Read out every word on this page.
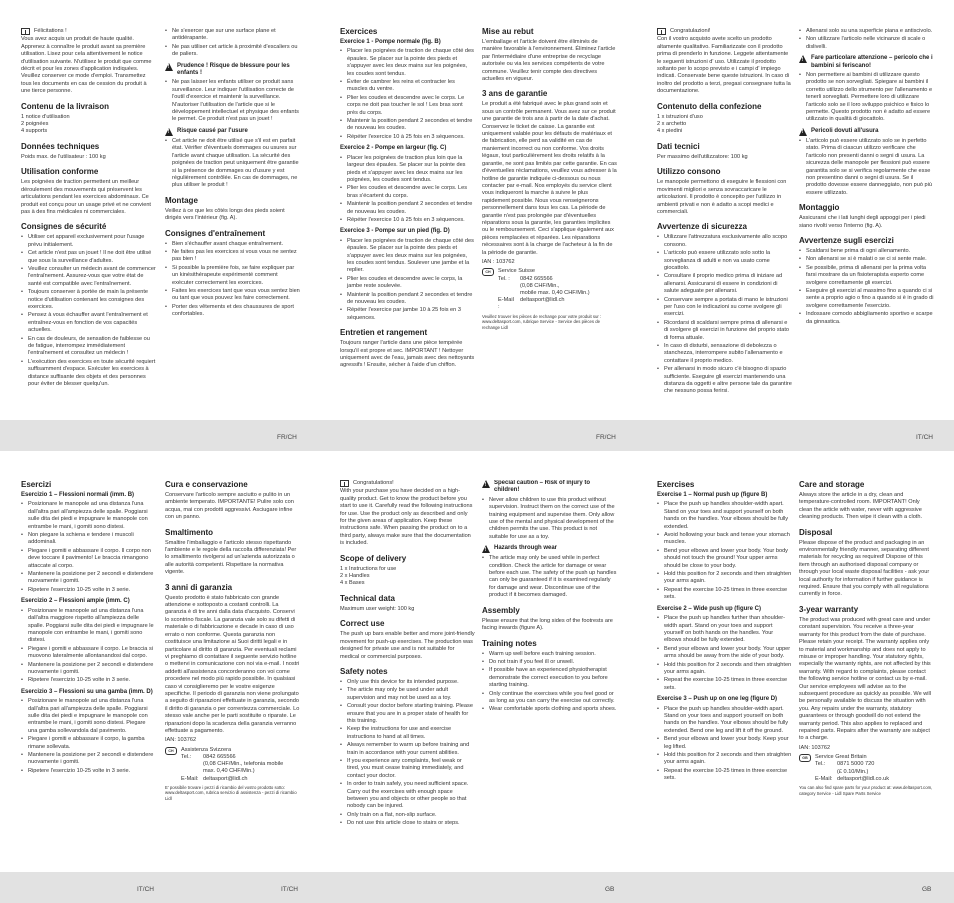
Félicitations !

Vous avez acquis un produit de haute qualité. Apprenez à connaître le produit avant sa première utilisation. Lisez pour cela attentivement le notice d'utilisation suivante. N'utilisez le produit que comme décrit et pour les zones d'application indiquées. Veuillez conserver ce mode d'emploi. Transmettez tous les documents en cas de cession du produit à une tierce personne.

Contenu de la livraison

1 notice d'utilisation

2 poignées

4 supports

Données techniques

Poids max. de l'utilisateur : 100 kg

Utilisation conforme

Les poignées de traction permettent un meilleur déroulement des mouvements qui préservent les articulations pendant les exercices abdominaux. Ce produit est conçu pour un usage privé et ne convient pas à des fins médicales ni commerciales.

Consignes de sécurité
• Utiliser cet appareil exclusivement pour l'usage prévu initialement.
• Cet article n'est pas un jouet ! Il ne doit être utilisé que sous la surveillance d'adultes.
• Veuillez consulter un médecin avant de commencer l'entraînement. Assurez-vous que votre état de santé est compatible avec l'entraînement.
• Toujours conserver à portée de main la présente notice d'utilisation contenant les consignes des exercices.
• Pensez à vous échauffer avant l'entraînement et entraînez-vous en fonction de vos capacités actuelles.
• En cas de douleurs, de sensation de faiblesse ou de fatigue, interrompez immédiatement l'entraînement et consultez un médecin !
• L'exécution des exercices en toute sécurité requiert suffisamment d'espace. Exécuter les exercices à distance suffisante des objets et des personnes pour éviter de blesser quelqu'un.
• Ne s'exercer que sur une surface plane et antidérapante.
• Ne pas utiliser cet article à proximité d'escaliers ou de paliers.
!
Prudence ! Risque de blessure pour les enfants !
• Ne pas laisser les enfants utiliser ce produit sans surveillance. Leur indiquer l'utilisation correcte de l'outil d'exercice et maintenir la surveillance. N'autoriser l'utilisation de l'article que si le développement intellectuel et physique des enfants le permet. Ce produit n'est pas un jouet !
!
Risque causé par l'usure
• Cet article ne doit être utilisé que s'il est en parfait état. Vérifier d'éventuels dommages ou usures sur l'article avant chaque utilisation. La sécurité des poignées de traction peut uniquement être garantie si la présence de dommages ou d'usure y est régulièrement contrôlée. En cas de dommages, ne plus utiliser le produit !
Montage

Veillez à ce que les côtés longs des pieds soient dirigés vers l'intérieur (fig. A).

Consignes d'entraînement
• Bien s'échauffer avant chaque entraînement.
• Ne faites pas les exercices si vous vous ne sentez pas bien !
• Si possible la première fois, se faire expliquer par un kinésithérapeute expérimenté comment exécuter correctement les exercices.
• Faites les exercices tant que vous vous sentez bien ou tant que vous pouvez les faire correctement.
• Porter des vêtements et des chaussures de sport confortables.
Exercices
Exercice 1 - Pompe normale (fig. B)
• Placer les poignées de traction de chaque côté des épaules. Se placer sur la pointe des pieds et s'appuyer avec les deux mains sur les poignées, les coudes sont tendus.
• Éviter de cambrer les reins et contracter les muscles du ventre.
• Plier les coudes et descendre avec le corps. Le corps ne doit pas toucher le sol ! Les bras sont près du corps.
• Maintenir la position pendant 2 secondes et tendre de nouveau les coudes.
• Répéter l'exercice 10 à 25 fois en 3 séquences.
Exercice 2 - Pompe en largeur (fig. C)
• Placer les poignées de traction plus loin que la largeur des épaules. Se placer sur la pointe des pieds et s'appuyer avec les deux mains sur les poignées, les coudes sont tendus.
• Plier les coudes et descendre avec le corps. Les bras s'écartent du corps.
• Maintenir la position pendant 2 secondes et tendre de nouveau les coudes.
• Répéter l'exercice 10 à 25 fois en 3 séquences.
Exercice 3 - Pompe sur un pied (fig. D)
• Placer les poignées de traction de chaque côté des épaules. Se placer sur la pointe des pieds et s'appuyer avec les deux mains sur les poignées, les coudes sont tendus. Soulever une jambe et la replier.
• Plier les coudes et descendre avec le corps, la jambe reste soulevée.
• Maintenir la position pendant 2 secondes et tendre de nouveau les coudes.
• Répéter l'exercice par jambe 10 à 25 fois en 3 séquences.
Entretien et rangement

Toujours ranger l'article dans une pièce tempérée lorsqu'il est propre et sec. IMPORTANT ! Nettoyer uniquement avec de l'eau, jamais avec des nettoyants agressifs ! Ensuite, sécher à l'aide d'un chiffon.

Mise au rebut

L'emballage et l'article doivent être éliminés de manière favorable à l'environnement. Éliminez l'article par l'intermédiaire d'une entreprise de recyclage autorisée ou via les services compétents de votre commune. Veuillez tenir compte des directives actuelles en vigueur.

3 ans de garantie

Le produit a été fabriqué avec le plus grand soin et sous un contrôle permanent. Vous avez sur ce produit une garantie de trois ans à partir de la date d'achat. Conservez le ticket de caisse. La garantie est uniquement valable pour les défauts de matériaux et de fabrication, elle perd sa validité en cas de maniement incorrect ou non conforme. Vos droits légaux, tout particulièrement les droits relatifs à la garantie, ne sont pas limités par cette garantie. En cas d'éventuelles réclamations, veuillez vous adresser à la hotline de garantie indiquée ci-dessous ou nous contacter par e-mail. Nos employés du service client vous indiqueront la marche à suivre le plus rapidement possible. Nous vous renseignerons personnellement dans tous les cas. La période de garantie n'est pas prolongée par d'éventuelles réparations sous la garantie, les garanties implicites ou le remboursement. Ceci s'applique également aux pièces remplacées et réparées. Les réparations nécessaires sont à la charge de l'acheteur à la fin de la période de garantie.

IAN : 103762

CH	Service Suisse
Tel. :	0842 665566
(0,08 CHF/Min.,
mobile max. 0,40 CHF/Min.)
E-Mail :
deltasport@lidl.ch

Veuillez trouver les pièces de rechange pour votre produit sur : www.deltasport.com, rubrique Service - Service des pièces de rechange Lidl

Congratulazioni!

Con il vostro acquisto avete scelto un prodotto altamente qualitativo. Familiarizzate con il prodotto prima di prenderlo in funzione. Leggete attentamente le seguenti istruzioni d' uso. Utilizzate il prodotto soltanto per lo scopo previsto e i campi d' impiego indicati. Conservate bene queste istruzioni. In caso di inoltro del prodotto a terzi, pregasi consegnare tutta la documentazione.

Contenuto della confezione

1 x istruzioni d'uso

2 x archetto

4 x piedini

Dati tecnici

Per massimo dell'utilizzatore: 100 kg

Utilizzo consono

Le manopole permettono di eseguire le flessioni con movimenti migliori e senza sovraccaricare le articolazioni. Il prodotto è concepito per l'utilizzo in ambienti privati e non è adatto a scopi medici e commerciali.

Avvertenze di sicurezza
• Utilizzare l'attrezzatura esclusivamente allo scopo consono.
• L'articolo può essere utilizzato solo sotto la sorveglianza di adulti e non va usato come giocattolo.
• Consultare il proprio medico prima di iniziare ad allenarsi. Assicurarsi di essere in condizioni di salute adeguate per allenarsi.
• Conservare sempre a portata di mano le istruzioni per l'uso con le indicazioni su come svolgere gli esercizi.
• Ricordarsi di scaldarsi sempre prima di allenarsi e di svolgere gli esercizi in funzione del proprio stato di forma attuale.
• In caso di disturbi, sensazione di debolezza o stanchezza, interrompere subito l'allenamento e contattare il proprio medico.
• Per allenarsi in modo sicuro c'è bisogno di spazio sufficiente. Eseguire gli esercizi mantenendo una distanza da oggetti e altre persone tale da garantire che nessuno possa ferirsi.
• Allenarsi solo su una superficie piana e antiscivolo.
• Non utilizzare l'articolo nelle vicinanze di scale o dislivelli.
!
Fare particolare attenzione – pericolo che i bambini si feriscano!
• Non permettere ai bambini di utilizzare questo prodotto se non sorvegliati. Spiegare ai bambini il corretto utilizzo dello strumento per l'allenamento e tenerli sorvegliati. Permettere loro di utilizzare l'articolo solo se il loro sviluppo psichico e fisico lo permette. Questo prodotto non è adatto ad essere utilizzato in qualità di giocattolo.
!
Pericoli dovuti all'usura
• L'articolo può essere utilizzato solo se in perfetto stato. Prima di ciascun utilizzo verificare che l'articolo non presenti danni o segni di usura. La sicurezza delle manopole per flessioni può essere garantita solo se si verifica regolarmente che esse non presentino danni o segni di usura. Se il prodotto dovesse essere danneggiato, non può più essere utilizzato.
Montaggio

Assicurarsi che i lati lunghi degli appoggi per i piedi siano rivolti verso l'interno (fig. A).

Avvertenze sugli esercizi
• Scaldarsi bene prima di ogni allenamento.
• Non allenarsi se si è malati o se ci si sente male.
• Se possibile, prima di allenarsi per la prima volta farsi mostrare da un fisioterapista esperto come svolgere correttamente gli esercizi.
• Eseguire gli esercizi al massimo fino a quando ci si sente a proprio agio o fino a quando si è in grado di svolgere correttamente l'esercizio.
• Indossare comodo abbigliamento sportivo e scarpe da ginnastica.
FR/CH	FR/CH	IT/CH
Esercizi
Esercizio 1 – Flessioni normali (imm. B)
• Posizionare le manopole ad una distanza l'una dall'altra pari all'ampiezza delle spalle. Poggiarsi sulle dita dei piedi e impugnare le manopole con entrambe le mani, i gomiti sono distesi.
• Non piegare la schiena e tendere i muscoli addominali.
• Piegare i gomiti e abbassare il corpo. Il corpo non deve toccare il pavimento! Le braccia rimangono attaccate al corpo.
• Mantenere la posizione per 2 secondi e distendere nuovamente i gomiti.
• Ripetere l'esercizio 10-25 volte in 3 serie.
Esercizio 2 – Flessioni ampie (imm. C)
• Posizionare le manopole ad una distanza l'una dall'altra maggiore rispetto all'ampiezza delle spalle. Poggiarsi sulle dita dei piedi e impugnare le manopole con entrambe le mani, i gomiti sono distesi.
• Piegare i gomiti e abbassare il corpo. Le braccia si muovono lateralmente allontanandosi dal corpo.
• Mantenere la posizione per 2 secondi e distendere nuovamente i gomiti.
• Ripetere l'esercizio 10-25 volte in 3 serie.
Esercizio 3 – Flessioni su una gamba (imm. D)
• Posizionare le manopole ad una distanza l'una dall'altra pari all'ampiezza delle spalle. Poggiarsi sulle dita dei piedi e impugnare le manopole con entrambe le mani, i gomiti sono distesi. Piegare una gamba sollevandola dal pavimento.
• Piegare i gomiti e abbassare il corpo, la gamba rimane sollevata.
• Mantenere la posizione per 2 secondi e distendere nuovamente i gomiti.
• Ripetere l'esercizio 10-25 volte in 3 serie.
Cura e conservazione

Conservare l'articolo sempre asciutto e pulito in un ambiente temperato. IMPORTANTE! Pulire solo con acqua, mai con prodotti aggressivi. Asciugare infine con un panno.

Smaltimento

Smaltire l'imballaggio e l'articolo stesso rispettando l'ambiente e le regole della raccolta differenziata! Per lo smaltimento rivolgersi ad un'azienda autorizzata o alle autorità competenti. Rispettare la normativa vigente.

3 anni di garanzia

Questo prodotto è stato fabbricato con grande attenzione e sottoposto a costanti controlli. La garanzia è di tre anni dalla data d'acquisto. Conservi lo scontrino fiscale. La garanzia vale solo su difetti di materiale o di fabbricazione e decade in caso di uso errato o non conforme. Questa garanzia non costituisce una limitazione ai Suoi diritti legali e in particolare al diritto di garanzia. Per eventuali reclami vi preghiamo di contattare il seguente servizio hotline o mettervi in comunicazione con noi via e-mail. I nostri addetti all'assistenza concorderanno con voi come procedere nel modo più rapido possibile. In qualsiasi caso vi consiglieremo per le vostre esigenze specifiche. Il periodo di garanzia non viene prolungato a seguito di riparazioni effettuate in garanzia, secondo il diritto di garanzia o per correntezza commerciale. Lo stesso vale anche per le parti sostituite o riparate. Le riparazioni dopo la scadenza della garanzia verranno effettuate a pagamento.

IAN: 103762

CH	Assistenza Svizzera
Tel.:	0842 665566
(0,08 CHF/Min., telefonia mobile
max. 0,40 CHF/Min.)
E-Mail: deltasport@lidl.ch

E' possibile trovare i pezzi di ricambio del vostro prodotto sotto: www.deltasport.com, rubrica servizio di assistenza - pezzi di ricambio Lidl

Congratulations!

With your purchase you have decided on a high-quality product. Get to know the product before you start to use it. Carefully read the following instructions for use. Use the product only as described and only for the given areas of application. Keep these instructions safe. When passing the product on to a third party, always make sure that the documentation is included.

Scope of delivery

1 x Instructions for use

2 x Handles

4 x Bases

Technical data

Maximum user weight: 100 kg

Correct use

The push up bars enable better and more joint-friendly movement for push-up exercises. The production was designed for private use and is not suitable for medical or commercial purposes.

Safety notes
• Only use this device for its intended purpose.
• The article may only be used under adult supervision and may not be used as a toy.
• Consult your doctor before starting training. Please ensure that you are in a proper state of health for this training.
• Keep the instructions for use and exercise instructions to hand at all times.
• Always remember to warm up before training and train in accordance with your current abilities.
• If you experience any complaints, feel weak or tired, you must cease training immediately, and contact your doctor.
• In order to train safely, you need sufficient space. Carry out the exercises with enough space between you and objects or other people so that nobody can be injured.
• Only train on a flat, non-slip surface.
• Do not use this article close to stairs or steps.
!
Special caution – Risk of injury to children!
• Never allow children to use this product without supervision. Instruct them on the correct use of the training equipment and supervise them. Only allow use of the mental and physical development of the children permits the use. This product is not suitable for use as a toy.
!
Hazards through wear
• The article may only be used while in perfect condition. Check the article for damage or wear before each use. The safety of the push up handles can only be guaranteed if it is examined regularly for damage and wear. Discontinue use of the product if it becomes damaged.
Assembly

Please ensure that the long sides of the footrests are facing inwards (figure A).

Training notes
• Warm up well before each training session.
• Do not train if you feel ill or unwell.
• If possible have an experienced physiotherapist demonstrate the correct execution to you before starting training.
• Only continue the exercises while you feel good or as long as you can carry the exercise out correctly.
• Wear comfortable sports clothing and sports shoes.
Exercises
Exercise 1 – Normal push up (figure B)
• Place the push up handles shoulder-width apart. Stand on your toes and support yourself on both hands on the handles. Your elbows should be fully extended.
• Avoid hollowing your back and tense your stomach muscles.
• Bend your elbows and lower your body. Your body should not touch the ground! Your upper arms should be close to your body.
• Hold this position for 2 seconds and then straighten your arms again.
• Repeat the exercise 10-25 times in three exercise sets.
Exercise 2 – Wide push up (figure C)
• Place the push up handles further than shoulder-width apart. Stand on your toes and support yourself on both hands on the handles. Your elbows should be fully extended.
• Bend your elbows and lower your body. Your upper arms should be away from the side of your body.
• Hold this position for 2 seconds and then straighten your arms again.
• Repeat the exercise 10-25 times in three exercise sets.
Exercise 3 – Push up on one leg (figure D)
• Place the push up handles shoulder-width apart. Stand on your toes and support yourself on both hands on the handles. Your elbows should be fully extended. Bend one leg and lift it off the ground.
• Bend your elbows and lower your body. Keep your leg lifted.
• Hold this position for 2 seconds and then straighten your arms again.
• Repeat the exercise 10-25 times in three exercise sets.
Care and storage

Always store the article in a dry, clean and temperature-controlled room. IMPORTANT! Only clean the article with water, never with aggressive cleaning products. Then wipe it clean with a cloth.

Disposal

Please dispose of the product and packaging in an environmentally friendly manner, separating different materials for recycling as required! Dispose of this item through an authorised disposal company or through your local waste disposal facilities - ask your local authority for information if further guidance is required. Ensure that you comply with all regulations currently in force.

3-year warranty

The product was produced with great care and under constant supervision. You receive a three-year warranty for this product from the date of purchase. Please retain your receipt. The warranty applies only to material and workmanship and does not apply to misuse or improper handling. Your statutory rights, especially the warranty rights, are not affected by this warranty. With regard to complaints, please contact the following service hotline or contact us by e-mail. Our service employees will advise as to the subsequent procedure as quickly as possible. We will be personally available to discuss the situation with you. Any repairs under the warranty, statutory guarantees or through goodwill do not extend the warranty period. This also applies to replaced and repaired parts. Repairs after the warranty are subject to a charge.

IAN: 103762

GB	Service Great Britain
Tel.:	0871 5000 720
(£ 0.10/Min.)
E-Mail: deltasport@lidl.co.uk

You can also find spare parts for your product at: www.deltasport.com, category Service - Lidl Spare Parts Service

IT/CH	IT/CH	GB	GB
